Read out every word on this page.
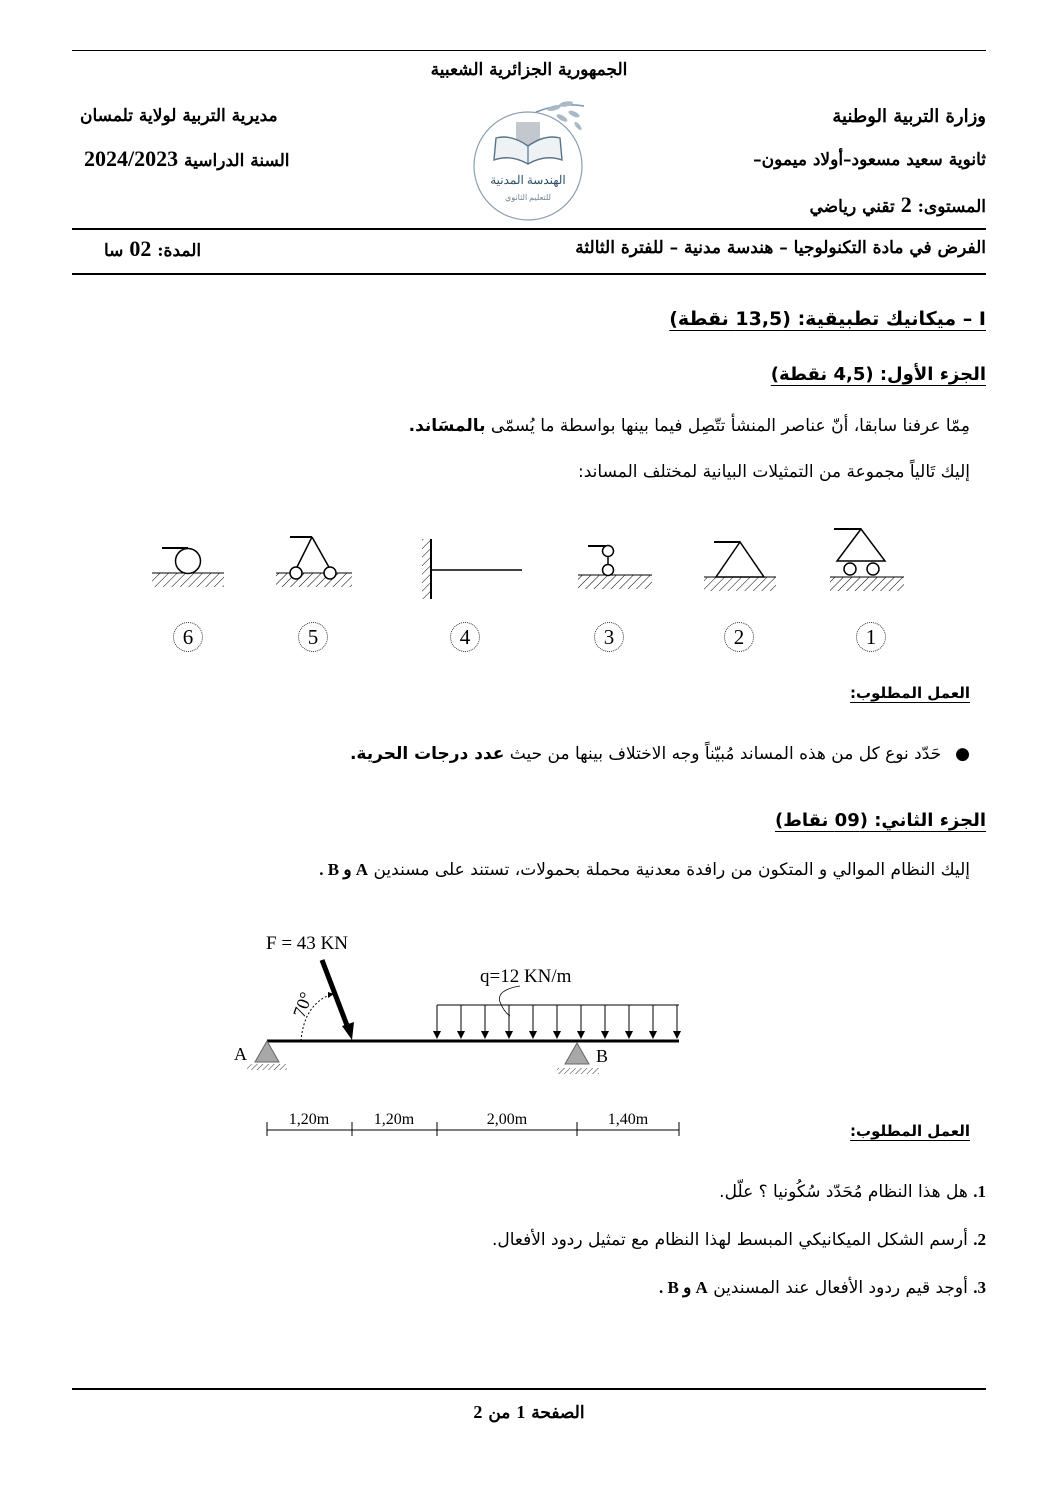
الجمهورية الجزائرية الشعبية
وزارة التربية الوطنية
ثانوية سعيد مسعود–أولاد ميمون–
المستوى: 2 تقني رياضي
مديرية التربية لولاية تلمسان
السنة الدراسية 2024/2023
الهندسة المدنية
للتعليم الثانوي
الفرض في مادة التكنولوجيا – هندسة مدنية – للفترة الثالثة
المدة: 02 سا
I – ميكانيك تطبيقية: (13,5 نقطة)
الجزء الأول: (4,5 نقطة)
مِمّا عرفنا سابقا، أنّ عناصر المنشأ تتّصِل فيما بينها بواسطة ما يُسمّى بالمسَاند.
إليك تَالياً مجموعة من التمثيلات البيانية لمختلف المساند:
6	5	4	3	2	1
العمل المطلوب:
●حَدّد نوع كل من هذه المساند مُبيّناً وجه الاختلاف بينها من حيث عدد درجات الحرية.
الجزء الثاني: (09 نقاط)
إليك النظام الموالي و المتكون من رافدة معدنية محملة بحمولات، تستند على مسندين A و B .
F = 43 KN
70°
q=12 KN/m
A	B
1,20m	1,20m	2,00m	1,40m
العمل المطلوب:
1. هل هذا النظام مُحَدّد سُكُونيا ؟ علّل.
2. أرسم الشكل الميكانيكي المبسط لهذا النظام مع تمثيل ردود الأفعال.
3. أوجد قيم ردود الأفعال عند المسندين A و B .
الصفحة 1 من 2
